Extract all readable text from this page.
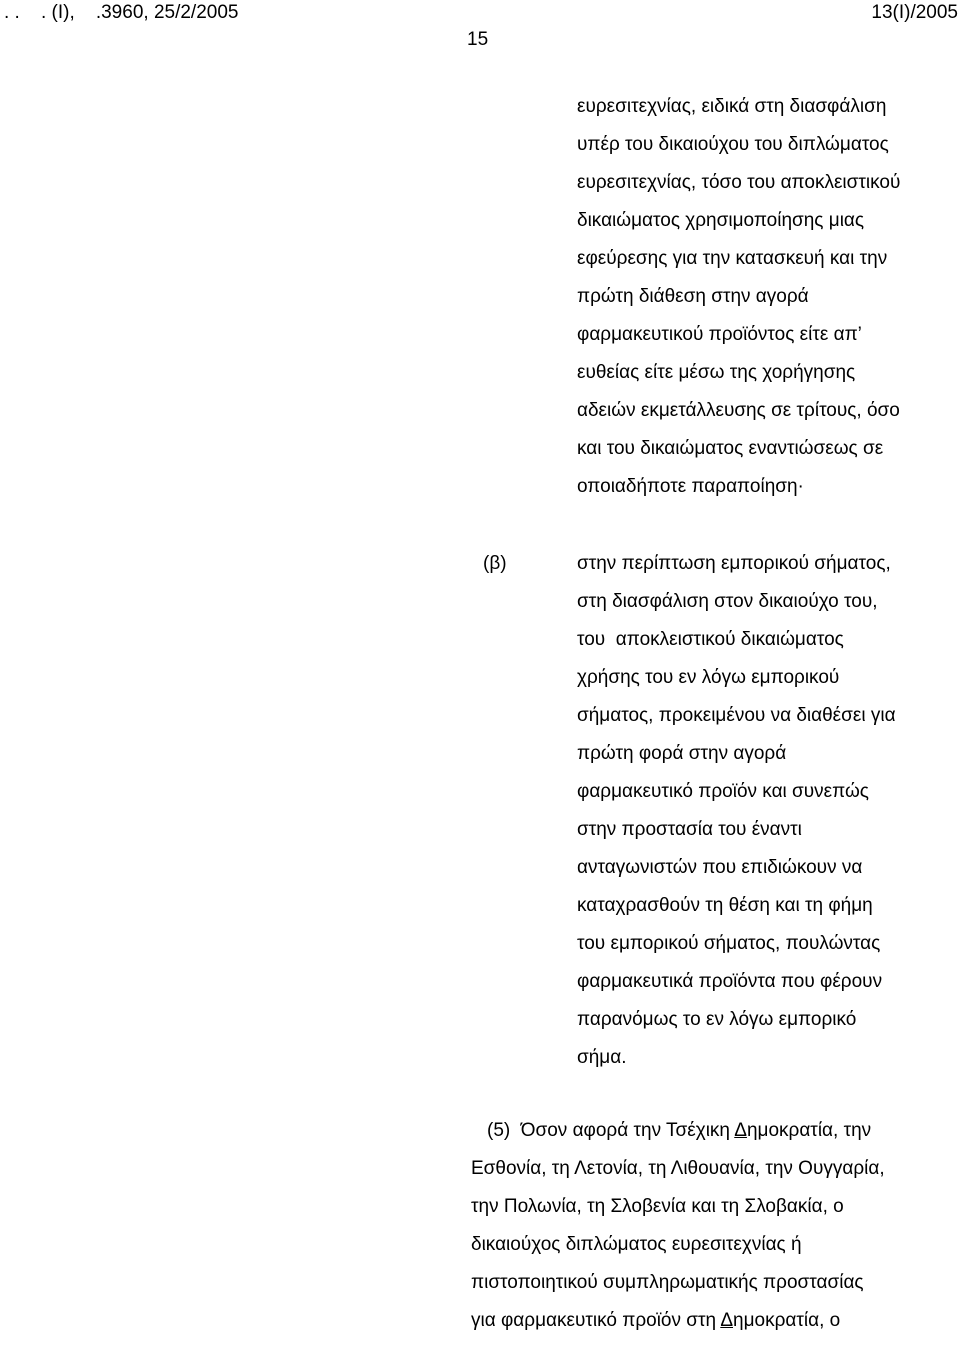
. .    . (Ι),    .3960, 25/2/2005	13(Ι)/2005
15
ευρεσιτεχνίας, ειδικά στη διασφάλιση
υπέρ του δικαιούχου του διπλώματος
ευρεσιτεχνίας, τόσο του αποκλειστικού
δικαιώματος χρησιμοποίησης μιας
εφεύρεσης για την κατασκευή και την
πρώτη διάθεση στην αγορά
φαρμακευτικού προϊόντος είτε απ’
ευθείας είτε μέσω της χορήγησης
αδειών εκμετάλλευσης σε τρίτους, όσο
και του δικαιώματος εναντιώσεως σε
οποιαδήποτε παραποίηση·
(β)	στην περίπτωση εμπορικού σήματος,
στη διασφάλιση στον δικαιούχο του,
του  αποκλειστικού δικαιώματος
χρήσης του εν λόγω εμπορικού
σήματος, προκειμένου να διαθέσει για
πρώτη φορά στην αγορά
φαρμακευτικό προϊόν και συνεπώς
στην προστασία του έναντι
ανταγωνιστών που επιδιώκουν να
καταχρασθούν τη θέση και τη φήμη
του εμπορικού σήματος, πουλώντας
φαρμακευτικά προϊόντα που φέρουν
παρανόμως το εν λόγω εμπορικό
σήμα.
(5)  Όσον αφορά την Τσέχικη Δημοκρατία, την
Εσθονία, τη Λετονία, τη Λιθουανία, την Ουγγαρία,
την Πολωνία, τη Σλοβενία και τη Σλοβακία, ο
δικαιούχος διπλώματος ευρεσιτεχνίας ή
πιστοποιητικού συμπληρωματικής προστασίας
για φαρμακευτικό προϊόν στη Δημοκρατία, ο
